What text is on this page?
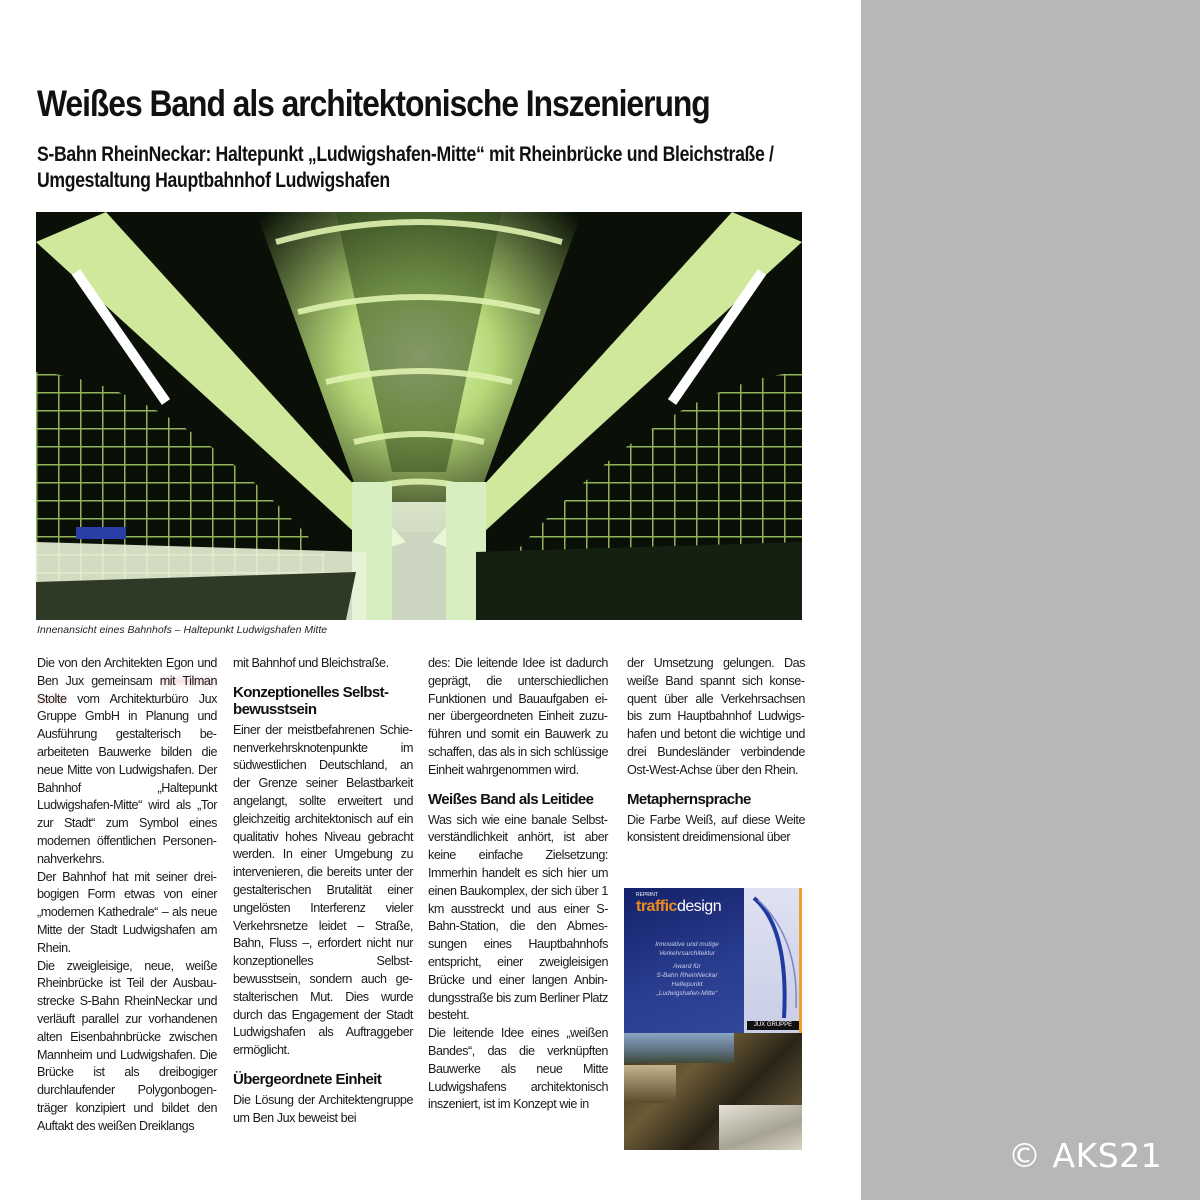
Weißes Band als architektonische Inszenierung
S-Bahn RheinNeckar: Haltepunkt „Ludwigshafen-Mitte“ mit Rheinbrücke und Bleichstraße / Umgestaltung Hauptbahnhof Ludwigshafen
Innenansicht eines Bahnhofs – Haltepunkt Ludwigshafen Mitte

Die von den Architekten Egon und Ben Jux gemeinsam mit Tilman Stolte vom Architekturbüro Jux Gruppe GmbH in Planung und Ausführung gestalterisch bearbeiteten Bauwerke bilden die neue Mitte von Ludwigshafen. Der Bahnhof „Haltepunkt Ludwigshafen-Mitte“ wird als „Tor zur Stadt“ zum Symbol eines modernen öffentlichen Personennahverkehrs.

Der Bahnhof hat mit seiner dreibogigen Form etwas von einer „modernen Kathedrale“ – als neue Mitte der Stadt Ludwigshafen am Rhein.

Die zweigleisige, neue, weiße Rheinbrücke ist Teil der Ausbaustrecke S-Bahn RheinNeckar und verläuft parallel zur vorhandenen alten Eisenbahnbrücke zwischen Mannheim und Ludwigshafen. Die Brücke ist als dreibogiger durchlaufender Polygonbogenträger konzipiert und bildet den Auftakt des weißen Dreiklangs

mit Bahnhof und Bleichstraße.

Konzeptionelles Selbstbewusstsein

Einer der meistbefahrenen Schienenverkehrsknotenpunkte im südwestlichen Deutschland, an der Grenze seiner Belastbarkeit angelangt, sollte erweitert und gleichzeitig architektonisch auf ein qualitativ hohes Niveau gebracht werden. In einer Umgebung zu intervenieren, die bereits unter der gestalterischen Brutalität einer ungelösten Interferenz vieler Verkehrsnetze leidet – Straße, Bahn, Fluss –, erfordert nicht nur konzeptionelles Selbstbewusstsein, sondern auch gestalterischen Mut. Dies wurde durch das Engagement der Stadt Ludwigshafen als Auftraggeber ermöglicht.

Übergeordnete Einheit

Die Lösung der Architektengruppe um Ben Jux beweist bei

des: Die leitende Idee ist dadurch geprägt, die unterschiedlichen Funktionen und Bauaufgaben einer übergeordneten Einheit zuzuführen und somit ein Bauwerk zu schaffen, das als in sich schlüssige Einheit wahrgenommen wird.

Weißes Band als Leitidee

Was sich wie eine banale Selbstverständlichkeit anhört, ist aber keine einfache Zielsetzung: Immerhin handelt es sich hier um einen Baukomplex, der sich über 1 km ausstreckt und aus einer S-Bahn-Station, die den Abmessungen eines Hauptbahnhofs entspricht, einer zweigleisigen Brücke und einer langen Anbindungsstraße bis zum Berliner Platz besteht.

Die leitende Idee eines „weißen Bandes“, das die verknüpften Bauwerke als neue Mitte Ludwigshafens architektonisch inszeniert, ist im Konzept wie in

der Umsetzung gelungen. Das weiße Band spannt sich konsequent über alle Verkehrsachsen bis zum Hauptbahnhof Ludwigshafen und betont die wichtige und drei Bundesländer verbindende Ost-West-Achse über den Rhein.

Metaphernsprache

Die Farbe Weiß, auf diese Weite konsistent dreidimensional über

REPRINT
trafficdesign
Innovative und mutige
Verkehrsarchitektur
Award für
S-Bahn RheinNeckar
Haltepunkt
„Ludwigshafen-Mitte“
JUX GRUPPE
© AKS21
